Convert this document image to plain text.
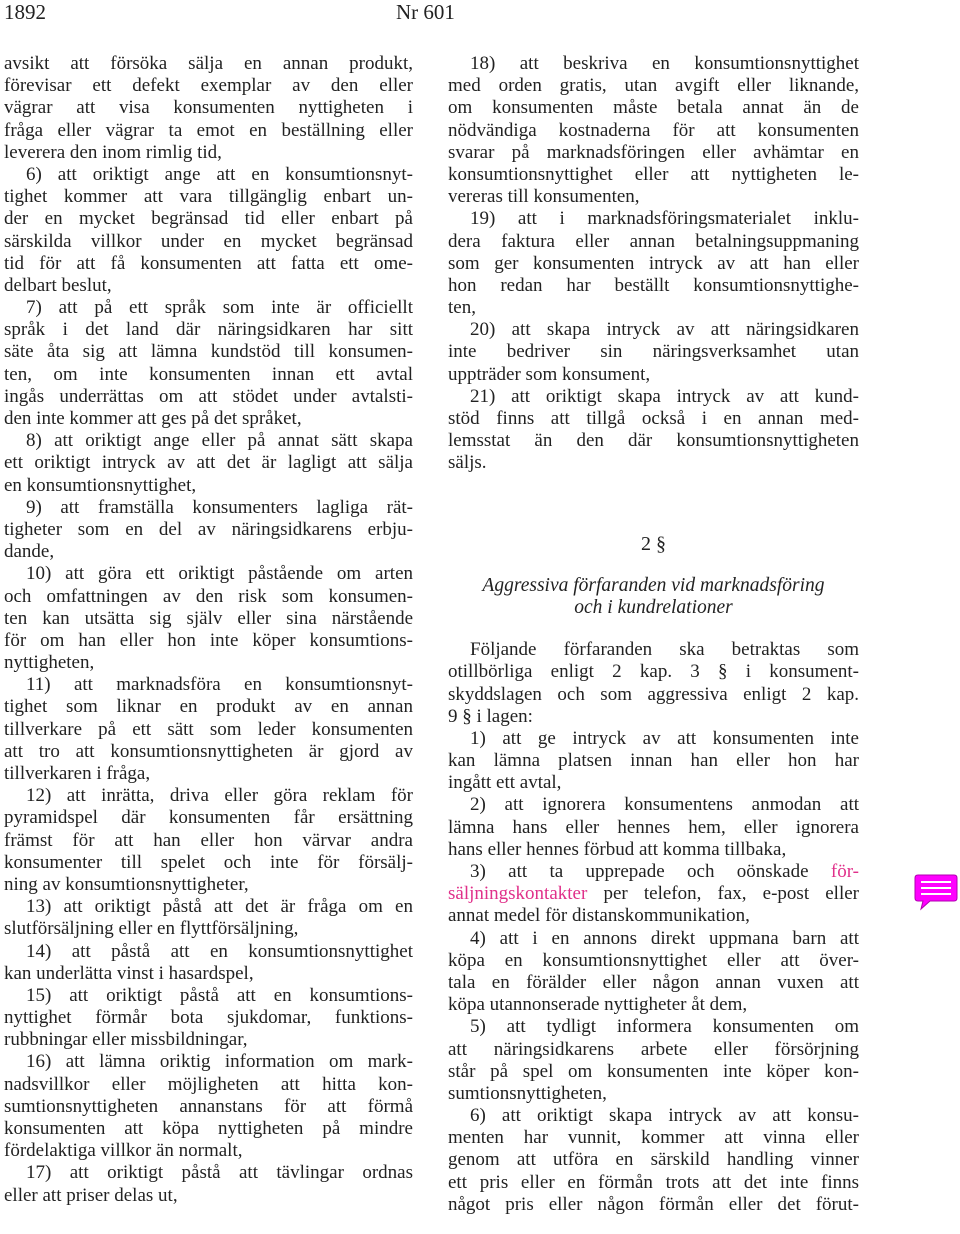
1892	Nr 601
avsikt att försöka sälja en annan produkt,
förevisar ett defekt exemplar av den eller
vägrar att visa konsumenten nyttigheten i
fråga eller vägrar ta emot en beställning eller
leverera den inom rimlig tid,
6) att oriktigt ange att en konsumtionsnyt-
tighet kommer att vara tillgänglig enbart un-
der en mycket begränsad tid eller enbart på
särskilda villkor under en mycket begränsad
tid för att få konsumenten att fatta ett ome-
delbart beslut,
7) att på ett språk som inte är officiellt
språk i det land där näringsidkaren har sitt
säte åta sig att lämna kundstöd till konsumen-
ten, om inte konsumenten innan ett avtal
ingås underrättas om att stödet under avtalsti-
den inte kommer att ges på det språket,
8) att oriktigt ange eller på annat sätt skapa
ett oriktigt intryck av att det är lagligt att sälja
en konsumtionsnyttighet,
9) att framställa konsumenters lagliga rät-
tigheter som en del av näringsidkarens erbju-
dande,
10) att göra ett oriktigt påstående om arten
och omfattningen av den risk som konsumen-
ten kan utsätta sig själv eller sina närstående
för om han eller hon inte köper konsumtions-
nyttigheten,
11) att marknadsföra en konsumtionsnyt-
tighet som liknar en produkt av en annan
tillverkare på ett sätt som leder konsumenten
att tro att konsumtionsnyttigheten är gjord av
tillverkaren i fråga,
12) att inrätta, driva eller göra reklam för
pyramidspel där konsumenten får ersättning
främst för att han eller hon värvar andra
konsumenter till spelet och inte för försälj-
ning av konsumtionsnyttigheter,
13) att oriktigt påstå att det är fråga om en
slutförsäljning eller en flyttförsäljning,
14) att påstå att en konsumtionsnyttighet
kan underlätta vinst i hasardspel,
15) att oriktigt påstå att en konsumtions-
nyttighet förmår bota sjukdomar, funktions-
rubbningar eller missbildningar,
16) att lämna oriktig information om mark-
nadsvillkor eller möjligheten att hitta kon-
sumtionsnyttigheten annanstans för att förmå
konsumenten att köpa nyttigheten på mindre
fördelaktiga villkor än normalt,
17) att oriktigt påstå att tävlingar ordnas
eller att priser delas ut,
18) att beskriva en konsumtionsnyttighet
med orden gratis, utan avgift eller liknande,
om konsumenten måste betala annat än de
nödvändiga kostnaderna för att konsumenten
svarar på marknadsföringen eller avhämtar en
konsumtionsnyttighet eller att nyttigheten le-
vereras till konsumenten,
19) att i marknadsföringsmaterialet inklu-
dera faktura eller annan betalningsuppmaning
som ger konsumenten intryck av att han eller
hon redan har beställt konsumtionsnyttighe-
ten,
20) att skapa intryck av att näringsidkaren
inte bedriver sin näringsverksamhet utan
uppträder som konsument,
21) att oriktigt skapa intryck av att kund-
stöd finns att tillgå också i en annan med-
lemsstat än den där konsumtionsnyttigheten
säljs.
2 §
Aggressiva förfaranden vid marknadsföring
och i kundrelationer
Följande förfaranden ska betraktas som
otillbörliga enligt 2 kap. 3 § i konsument-
skyddslagen och som aggressiva enligt 2 kap.
9 § i lagen:
1) att ge intryck av att konsumenten inte
kan lämna platsen innan han eller hon har
ingått ett avtal,
2) att ignorera konsumentens anmodan att
lämna hans eller hennes hem, eller ignorera
hans eller hennes förbud att komma tillbaka,
3) att ta upprepade och oönskade för-
säljningskontakter per telefon, fax, e-post eller
annat medel för distanskommunikation,
4) att i en annons direkt uppmana barn att
köpa en konsumtionsnyttighet eller att över-
tala en förälder eller någon annan vuxen att
köpa utannonserade nyttigheter åt dem,
5) att tydligt informera konsumenten om
att näringsidkarens arbete eller försörjning
står på spel om konsumenten inte köper kon-
sumtionsnyttigheten,
6) att oriktigt skapa intryck av att konsu-
menten har vunnit, kommer att vinna eller
genom att utföra en särskild handling vinner
ett pris eller en förmån trots att det inte finns
något pris eller någon förmån eller det förut-
